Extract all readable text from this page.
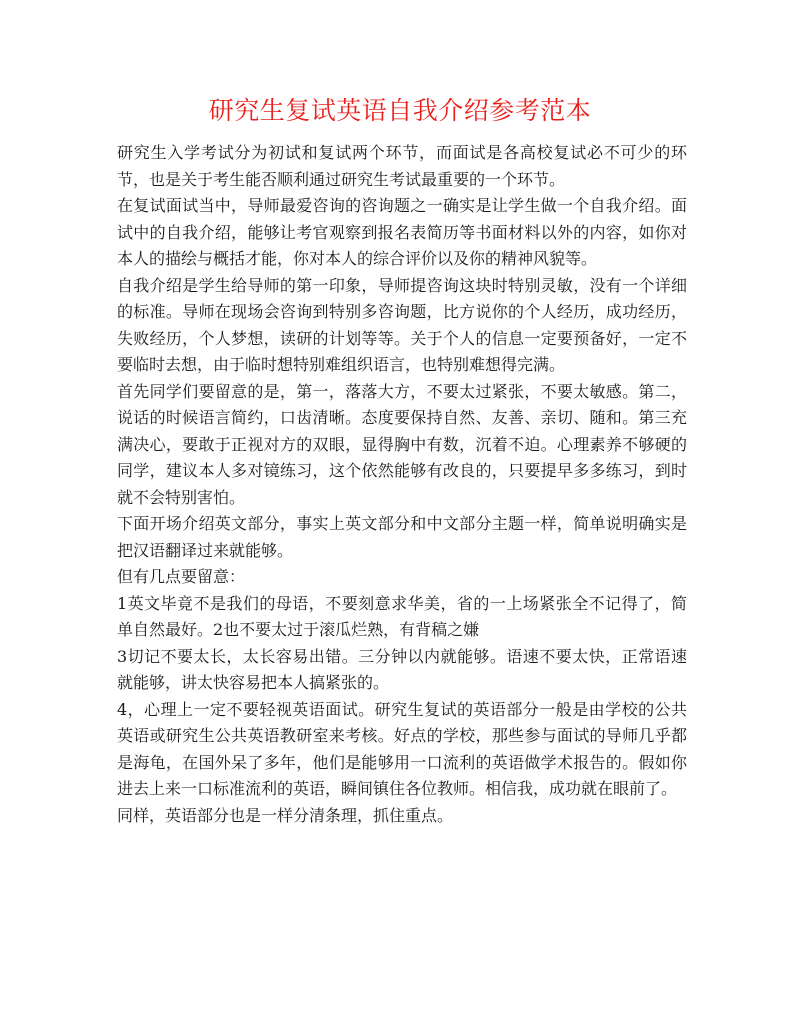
研究生复试英语自我介绍参考范本

研究生入学考试分为初试和复试两个环节，而面试是各高校复试必不可少的环节，也是关于考生能否顺利通过研究生考试最重要的一个环节。

在复试面试当中，导师最爱咨询的咨询题之一确实是让学生做一个自我介绍。面试中的自我介绍，能够让考官观察到报名表简历等书面材料以外的内容，如你对本人的描绘与概括才能，你对本人的综合评价以及你的精神风貌等。

自我介绍是学生给导师的第一印象，导师提咨询这块时特别灵敏，没有一个详细的标准。导师在现场会咨询到特别多咨询题，比方说你的个人经历，成功经历，失败经历，个人梦想，读研的计划等等。关于个人的信息一定要预备好，一定不要临时去想，由于临时想特别难组织语言，也特别难想得完满。

首先同学们要留意的是，第一，落落大方，不要太过紧张，不要太敏感。第二，说话的时候语言简约，口齿清晰。态度要保持自然、友善、亲切、随和。第三充满决心，要敢于正视对方的双眼，显得胸中有数，沉着不迫。心理素养不够硬的同学，建议本人多对镜练习，这个依然能够有改良的，只要提早多多练习，到时就不会特别害怕。

下面开场介绍英文部分，事实上英文部分和中文部分主题一样，简单说明确实是把汉语翻译过来就能够。

但有几点要留意：

1英文毕竟不是我们的母语，不要刻意求华美，省的一上场紧张全不记得了，简单自然最好。2也不要太过于滚瓜烂熟，有背稿之嫌

3切记不要太长，太长容易出错。三分钟以内就能够。语速不要太快，正常语速就能够，讲太快容易把本人搞紧张的。

4，心理上一定不要轻视英语面试。研究生复试的英语部分一般是由学校的公共英语或研究生公共英语教研室来考核。好点的学校，那些参与面试的导师几乎都是海龟，在国外呆了多年，他们是能够用一口流利的英语做学术报告的。假如你进去上来一口标准流利的英语，瞬间镇住各位教师。相信我，成功就在眼前了。

同样，英语部分也是一样分清条理，抓住重点。
